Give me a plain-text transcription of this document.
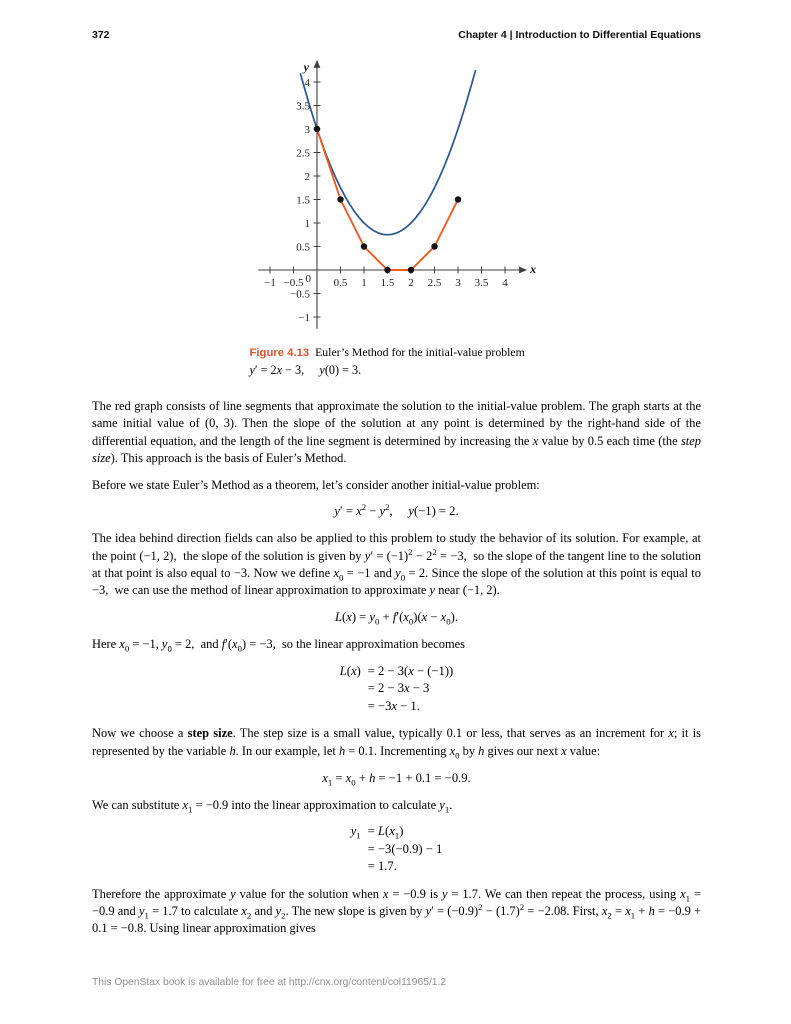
372	Chapter 4 | Introduction to Differential Equations
−1 −0.5	0.5 1 1.5 2 2.5 3 3.5 4
−1
−0.5
0.5
1
1.5
2
2.5
3
3.5
4
0
x
y
Figure 4.13 Euler’s Method for the initial-value problem
y′ = 2x − 3,     y(0) = 3.

The red graph consists of line segments that approximate the solution to the initial-value problem. The graph starts at the same initial value of (0, 3). Then the slope of the solution at any point is determined by the right-hand side of the differential equation, and the length of the line segment is determined by increasing the x value by 0.5 each time (the step size). This approach is the basis of Euler’s Method.

Before we state Euler’s Method as a theorem, let’s consider another initial-value problem:

$y' = x^2 - y^2$,     y(−1) = 2.

The idea behind direction fields can also be applied to this problem to study the behavior of its solution. For example, at the point (−1, 2),  the slope of the solution is given by $y' = (-1)^2 - 2^2 = -3$,  so the slope of the tangent line to the solution at that point is also equal to −3. Now we define $x_0 = -1$ and $y_0 = 2$. Since the slope of the solution at this point is equal to −3,  we can use the method of linear approximation to approximate y near (−1, 2).

$L(x) = y_0 + f'(x_0)(x - x_0)$.

Here $x_0 = -1$, $y_0 = 2$,  and $f'(x_0) = -3$,  so the linear approximation becomes

L(x) = 2 − 3(x − (−1))
= 2 − 3x − 3
= −3x − 1.

Now we choose a step size. The step size is a small value, typically 0.1 or less, that serves as an increment for x; it is represented by the variable h. In our example, let h = 0.1. Incrementing $x_0$ by h gives our next x value:

$x_1 = x_0 + h = -1 + 0.1 = -0.9$.

We can substitute $x_1 = -0.9$ into the linear approximation to calculate $y_1$.

$y_1 = L(x_1)$
= −3(−0.9) − 1
= 1.7.

Therefore the approximate y value for the solution when x = −0.9 is y = 1.7. We can then repeat the process, using $x_1 = -0.9$ and $y_1 = 1.7$ to calculate $x_2$ and $y_2$. The new slope is given by $y' = (-0.9)^2 - (1.7)^2 = -2.08$. First, $x_2 = x_1 + h = -0.9 + 0.1 = -0.8$. Using linear approximation gives

This OpenStax book is available for free at http://cnx.org/content/col11965/1.2
